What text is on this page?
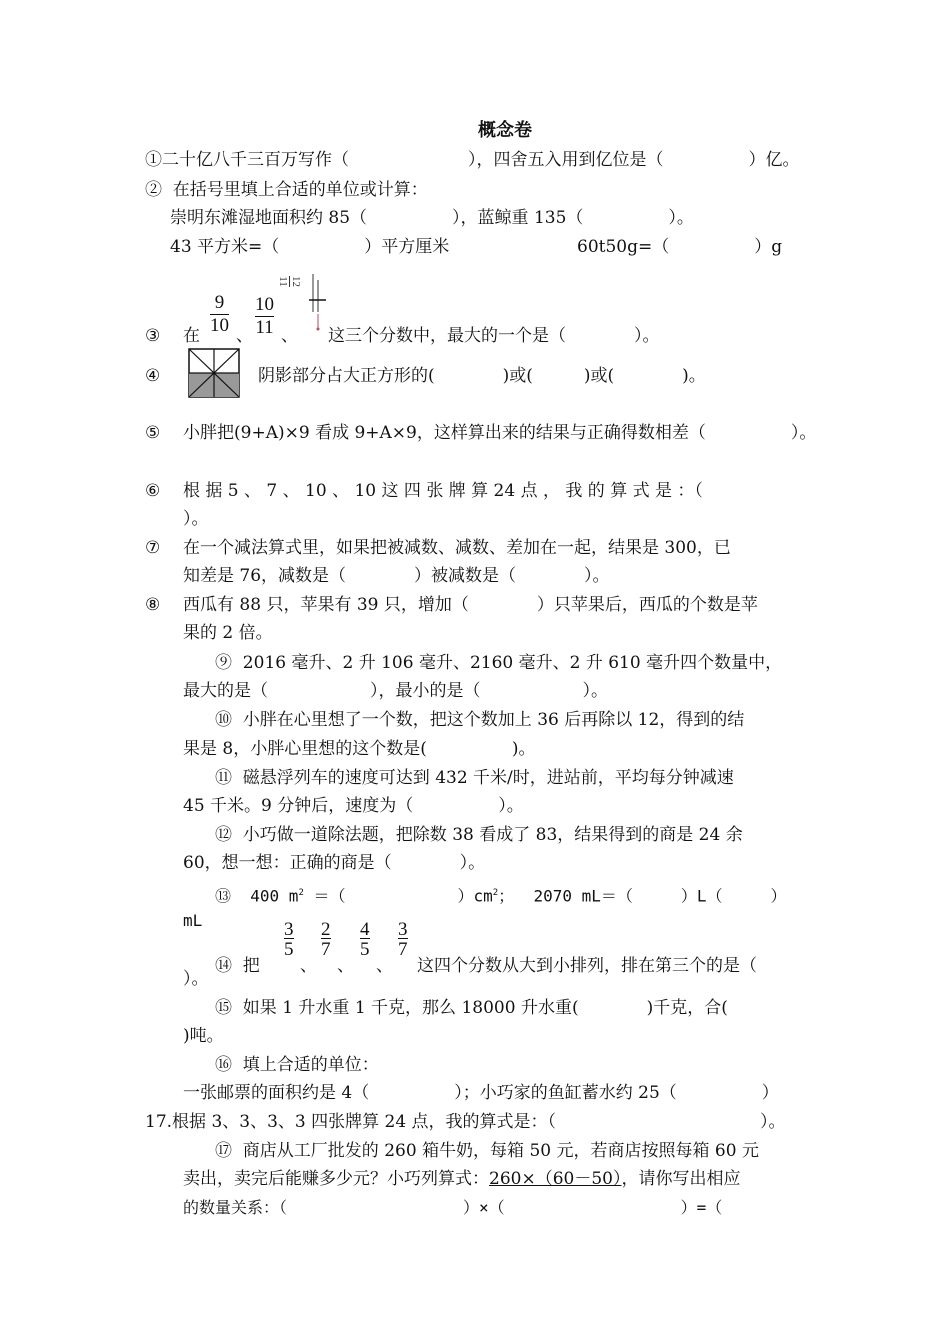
概念卷
①二十亿八千三百万写作（　　　　　　　），四舍五入用到亿位是（　　　　　）亿。
②  在括号里填上合适的单位或计算：
崇明东滩湿地面积约 85（　　　　　），蓝鲸重 135（　　　　　）。
43 平方米=（　　　　　）平方厘米	60t50g=（　　　　　）g
③ 在
9
10 、
10
11 、
12
11
这三个分数中，最大的一个是（　　　　）。
④	阴影部分占大正方形的(　　　　)或(　　　)或(　　　　)。
⑤ 小胖把(9+A)×9 看成 9+A×9，这样算出来的结果与正确得数相差（　　　　　）。
⑥ 根 据 5 、 7 、 10 、 10 这 四 张 牌 算 24 点 ， 我 的 算 式 是 ：（
）。
⑦ 在一个减法算式里，如果把被减数、减数、差加在一起，结果是 300，已
知差是 76，减数是（　　　　）被减数是（　　　　）。
⑧ 西瓜有 88 只，苹果有 39 只，增加（　　　　）只苹果后，西瓜的个数是苹
果的 2 倍。
⑨  2016 毫升、2 升 106 毫升、2160 毫升、2 升 610 毫升四个数量中，
最大的是（　　　　　　），最小的是（　　　　　　）。
⑩  小胖在心里想了一个数，把这个数加上 36 后再除以 12，得到的结
果是 8，小胖心里想的这个数是(　　　　　)。
⑪  磁悬浮列车的速度可达到 432 千米/时，进站前，平均每分钟减速
45 千米。9 分钟后，速度为（　　　　　）。
⑫  小巧做一道除法题，把除数 38 看成了 83，结果得到的商是 24 余
60，想一想：正确的商是（　　　　）。
⑬  400 $m^2$ ＝（　　　　　　　）$cm^2$；  2070 mL＝（　　　）L（　　　）
mL
⑭  把
3
5
、
2
7
、
4
5
、
3
7
这四个分数从大到小排列，排在第三个的是（
）。
⑮  如果 1 升水重 1 千克，那么 18000 升水重(　　　　)千克，合(
)吨。
⑯  填上合适的单位：
一张邮票的面积约是 4（　　　　　）；小巧家的鱼缸蓄水约 25（　　　　　）
17.根据 3、3、3、3 四张牌算 24 点，我的算式是：（　　　　　　　　　　　　）。
⑰  商店从工厂批发的 260 箱牛奶，每箱 50 元，若商店按照每箱 60 元
卖出，卖完后能赚多少元？小巧列算式：260×（60－50），请你写出相应
的数量关系：（　　　　　　　　　　　）×（　　　　　　　　　　　）=（
